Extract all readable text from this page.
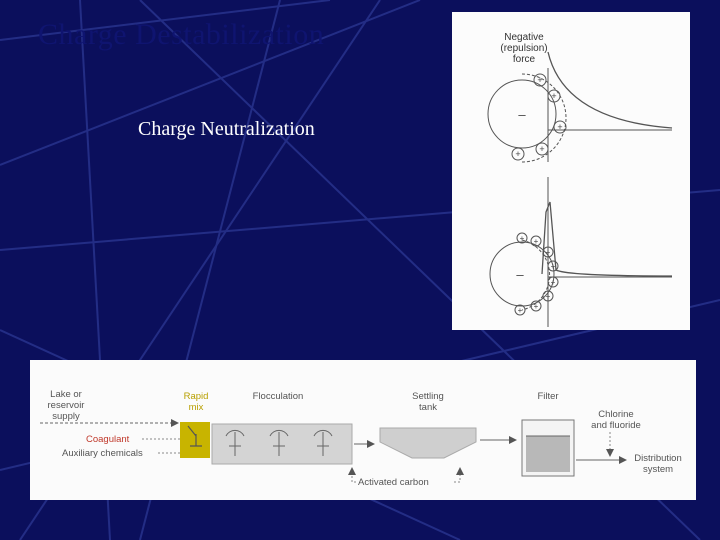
Charge Destabilization
Charge Neutralization
Negative
(repulsion)
force
–
+
+
+
+
+
–
+ +
+
+
+
+
+
+
Lake or
reservoir
supply
Coagulant
Auxiliary chemicals
Rapid
mix
Flocculation	Settling
tank
Filter
Chlorine
and fluoride
Distribution
system
Activated carbon
